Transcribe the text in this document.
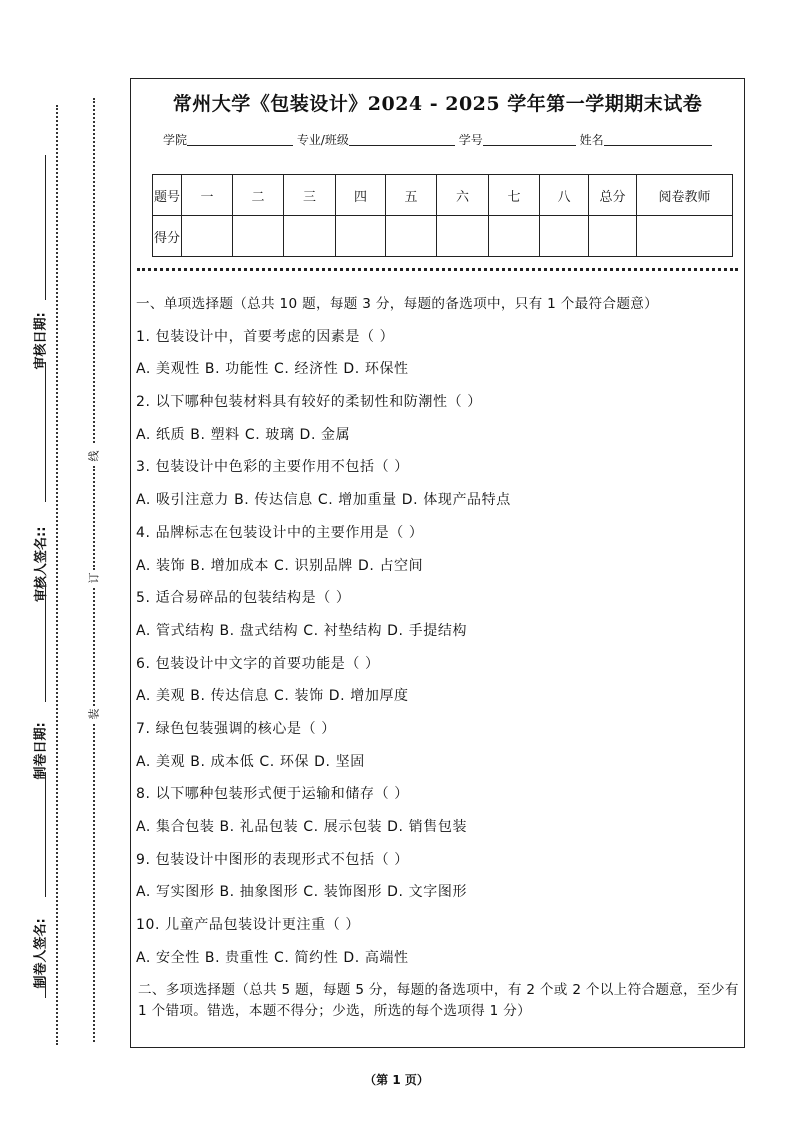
审核日期:
审核人签名::
制卷日期:
制卷人签名:
线
订
装
常州大学《包装设计》2024 - 2025 学年第一学期期末试卷
学院	专业/班级	学号	姓名
题号	一	二	三	四	五	六	七	八	总分	阅卷教师
得分										
一、单项选择题（总共 10 题，每题 3 分，每题的备选项中，只有 1 个最符合题意）
1. 包装设计中，首要考虑的因素是（ ）
A. 美观性 B. 功能性 C. 经济性 D. 环保性
2. 以下哪种包装材料具有较好的柔韧性和防潮性（ ）
A. 纸质 B. 塑料 C. 玻璃 D. 金属
3. 包装设计中色彩的主要作用不包括（ ）
A. 吸引注意力 B. 传达信息 C. 增加重量 D. 体现产品特点
4. 品牌标志在包装设计中的主要作用是（ ）
A. 装饰 B. 增加成本 C. 识别品牌 D. 占空间
5. 适合易碎品的包装结构是（ ）
A. 管式结构 B. 盘式结构 C. 衬垫结构 D. 手提结构
6. 包装设计中文字的首要功能是（ ）
A. 美观 B. 传达信息 C. 装饰 D. 增加厚度
7. 绿色包装强调的核心是（ ）
A. 美观 B. 成本低 C. 环保 D. 坚固
8. 以下哪种包装形式便于运输和储存（ ）
A. 集合包装 B. 礼品包装 C. 展示包装 D. 销售包装
9. 包装设计中图形的表现形式不包括（ ）
A. 写实图形 B. 抽象图形 C. 装饰图形 D. 文字图形
10. 儿童产品包装设计更注重（ ）
A. 安全性 B. 贵重性 C. 简约性 D. 高端性
二、多项选择题（总共 5 题，每题 5 分，每题的备选项中，有 2 个或 2 个以上符合题意，至少有 1 个错项。错选，本题不得分；少选，所选的每个选项得 1 分）
（第 1 页）
